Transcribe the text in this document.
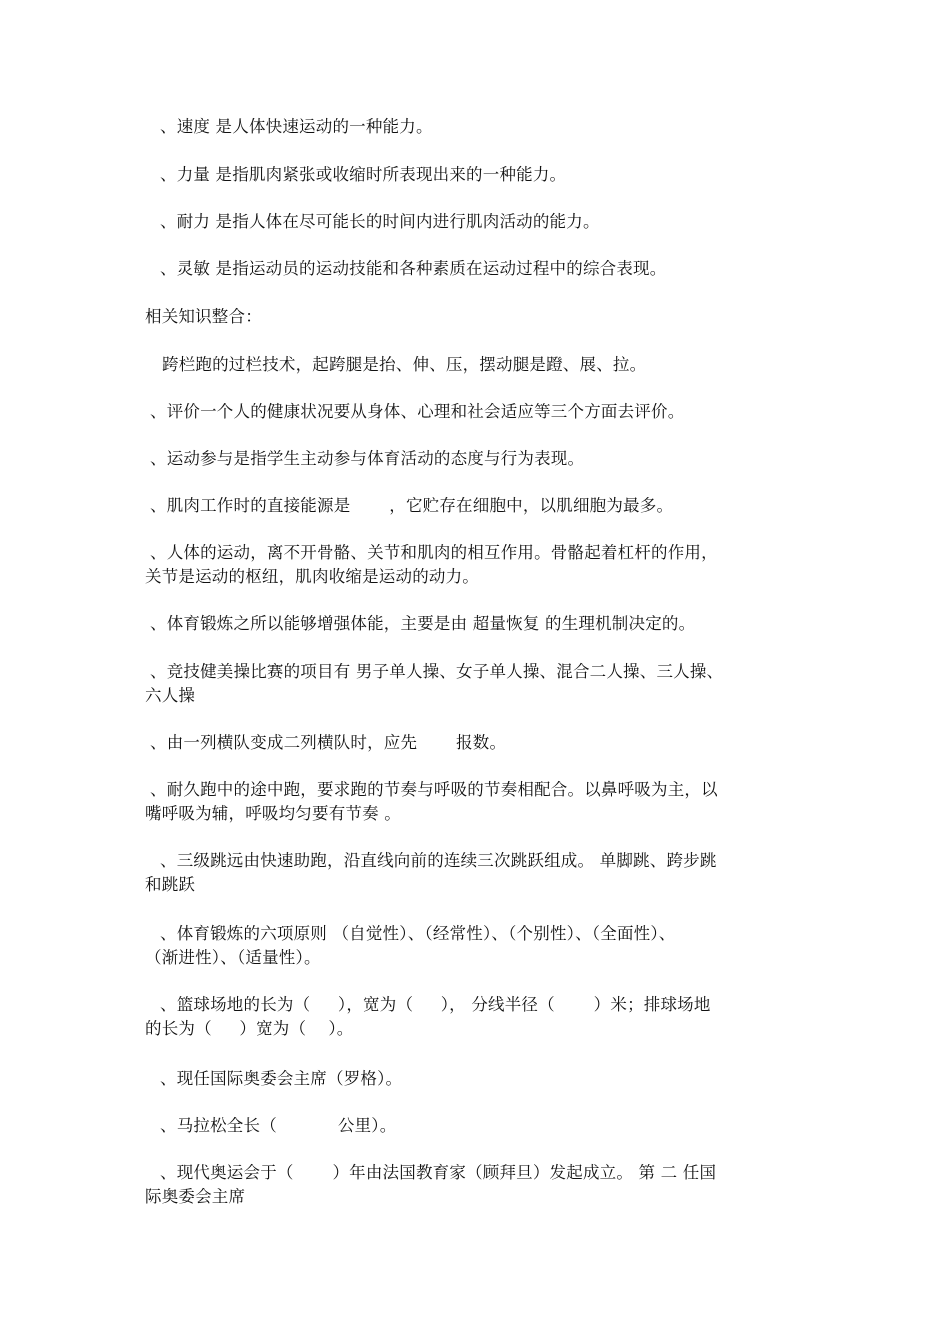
、速度 是人体快速运动的一种能力。
、力量 是指肌肉紧张或收缩时所表现出来的一种能力。
、耐力 是指人体在尽可能长的时间内进行肌肉活动的能力。
、灵敏 是指运动员的运动技能和各种素质在运动过程中的综合表现。
相关知识整合：
跨栏跑的过栏技术，起跨腿是抬、伸、压，摆动腿是蹬、展、拉。
、评价一个人的健康状况要从身体、心理和社会适应等三个方面去评价。
、运动参与是指学生主动参与体育活动的态度与行为表现。
、肌肉工作时的直接能源是 　　，它贮存在细胞中，以肌细胞为最多。
、人体的运动，离不开骨骼、关节和肌肉的相互作用。骨骼起着杠杆的作用，
关节是运动的枢纽，肌肉收缩是运动的动力。
、体育锻炼之所以能够增强体能，主要是由 超量恢复 的生理机制决定的。
、竞技健美操比赛的项目有 男子单人操、女子单人操、混合二人操、三人操、
六人操
、由一列横队变成二列横队时，应先 　　报数。
、耐久跑中的途中跑，要求跑的节奏与呼吸的节奏相配合。以鼻呼吸为主，以
嘴呼吸为辅，呼吸均匀要有节奏 。
、三级跳远由快速助跑，沿直线向前的连续三次跳跃组成。 单脚跳、跨步跳
和跳跃
、体育锻炼的六项原则 （自觉性）、（经常性）、（个别性）、（全面性）、
（渐进性）、（适量性）。
、篮球场地的长为（ 　 ），宽为（ 　 ）， 分线半径（ 　　）米；排球场地
的长为（ 　 ）宽为（ 　）。
、现任国际奥委会主席（罗格）。
、马拉松全长（ 　　　 公里）。
、现代奥运会于（ 　　）年由法国教育家（顾拜旦）发起成立。 第 二 任国
际奥委会主席
